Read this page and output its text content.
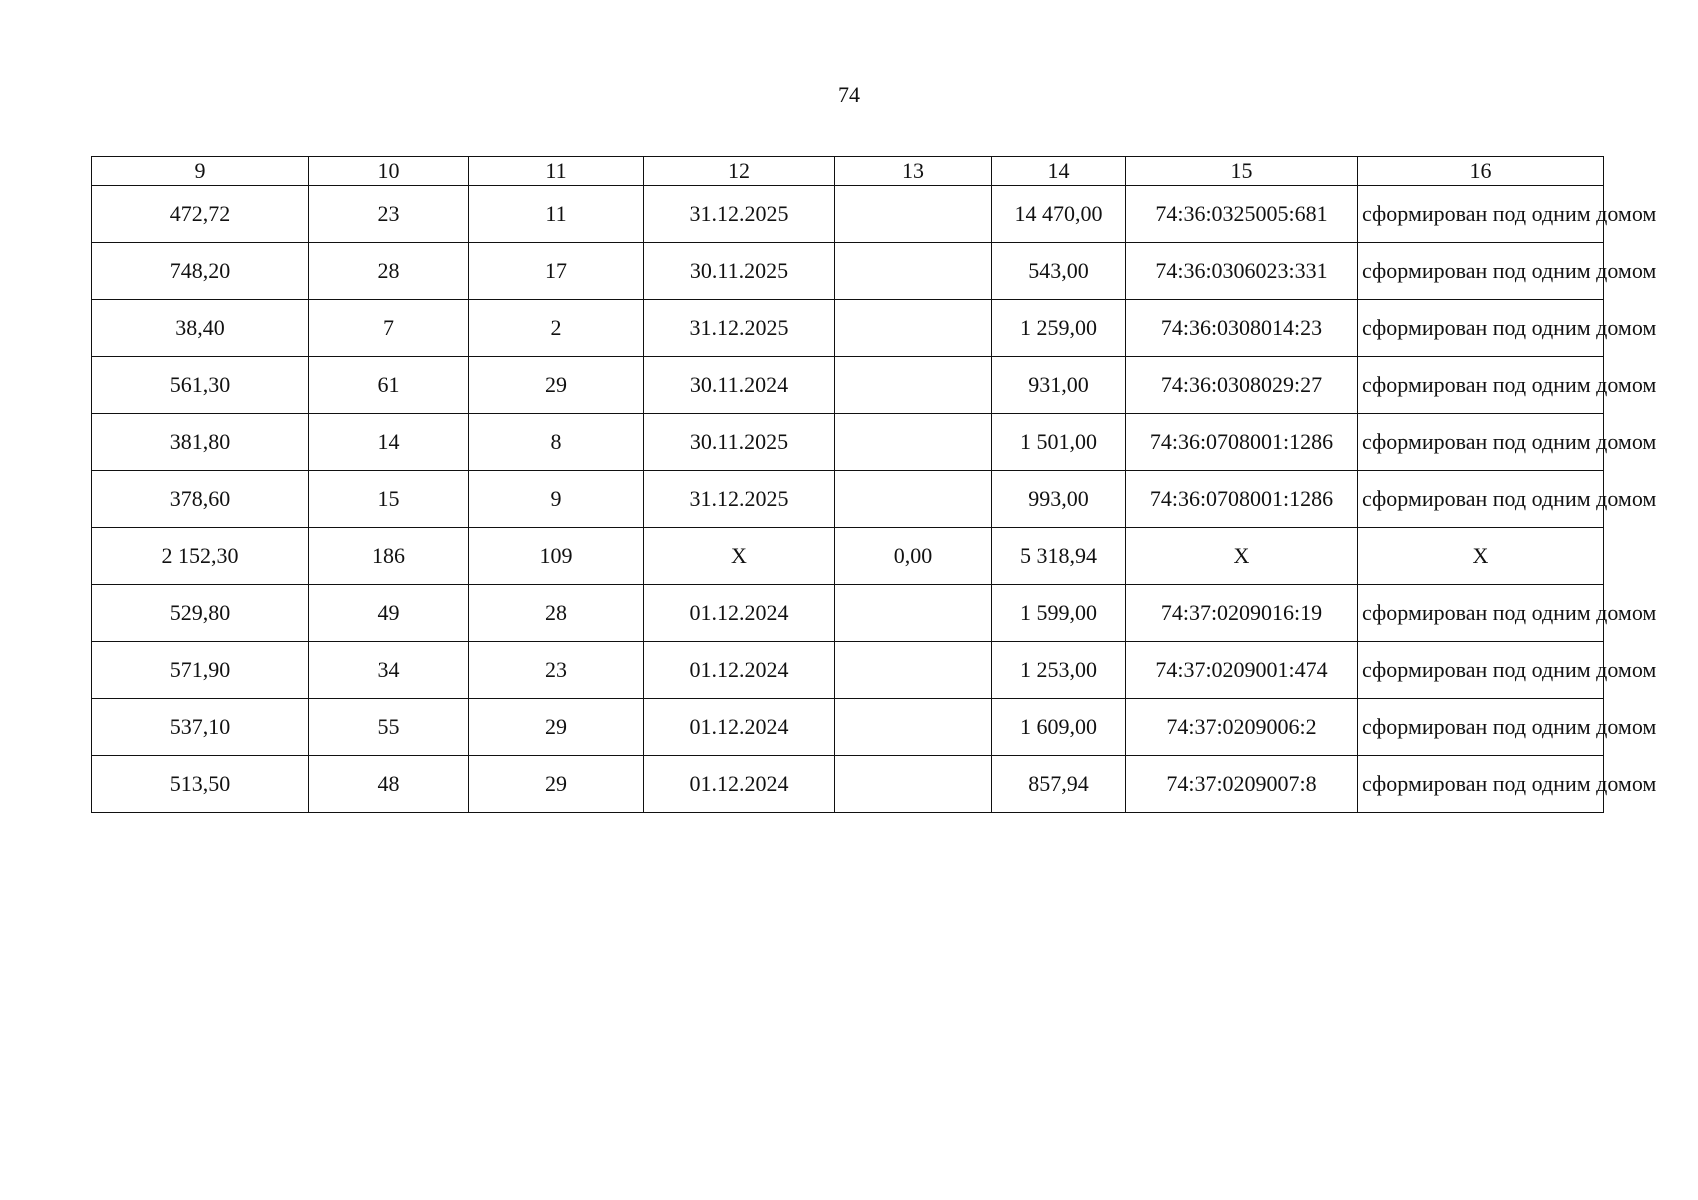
74
9	10	11	12	13	14	15	16
472,72	23	11	31.12.2025		14 470,00	74:36:0325005:681	сформирован под одним домом
748,20	28	17	30.11.2025		543,00	74:36:0306023:331	сформирован под одним домом
38,40	7	2	31.12.2025		1 259,00	74:36:0308014:23	сформирован под одним домом
561,30	61	29	30.11.2024		931,00	74:36:0308029:27	сформирован под одним домом
381,80	14	8	30.11.2025		1 501,00	74:36:0708001:1286	сформирован под одним домом
378,60	15	9	31.12.2025		993,00	74:36:0708001:1286	сформирован под одним домом
2 152,30	186	109	X	0,00	5 318,94	X	X
529,80	49	28	01.12.2024		1 599,00	74:37:0209016:19	сформирован под одним домом
571,90	34	23	01.12.2024		1 253,00	74:37:0209001:474	сформирован под одним домом
537,10	55	29	01.12.2024		1 609,00	74:37:0209006:2	сформирован под одним домом
513,50	48	29	01.12.2024		857,94	74:37:0209007:8	сформирован под одним домом
